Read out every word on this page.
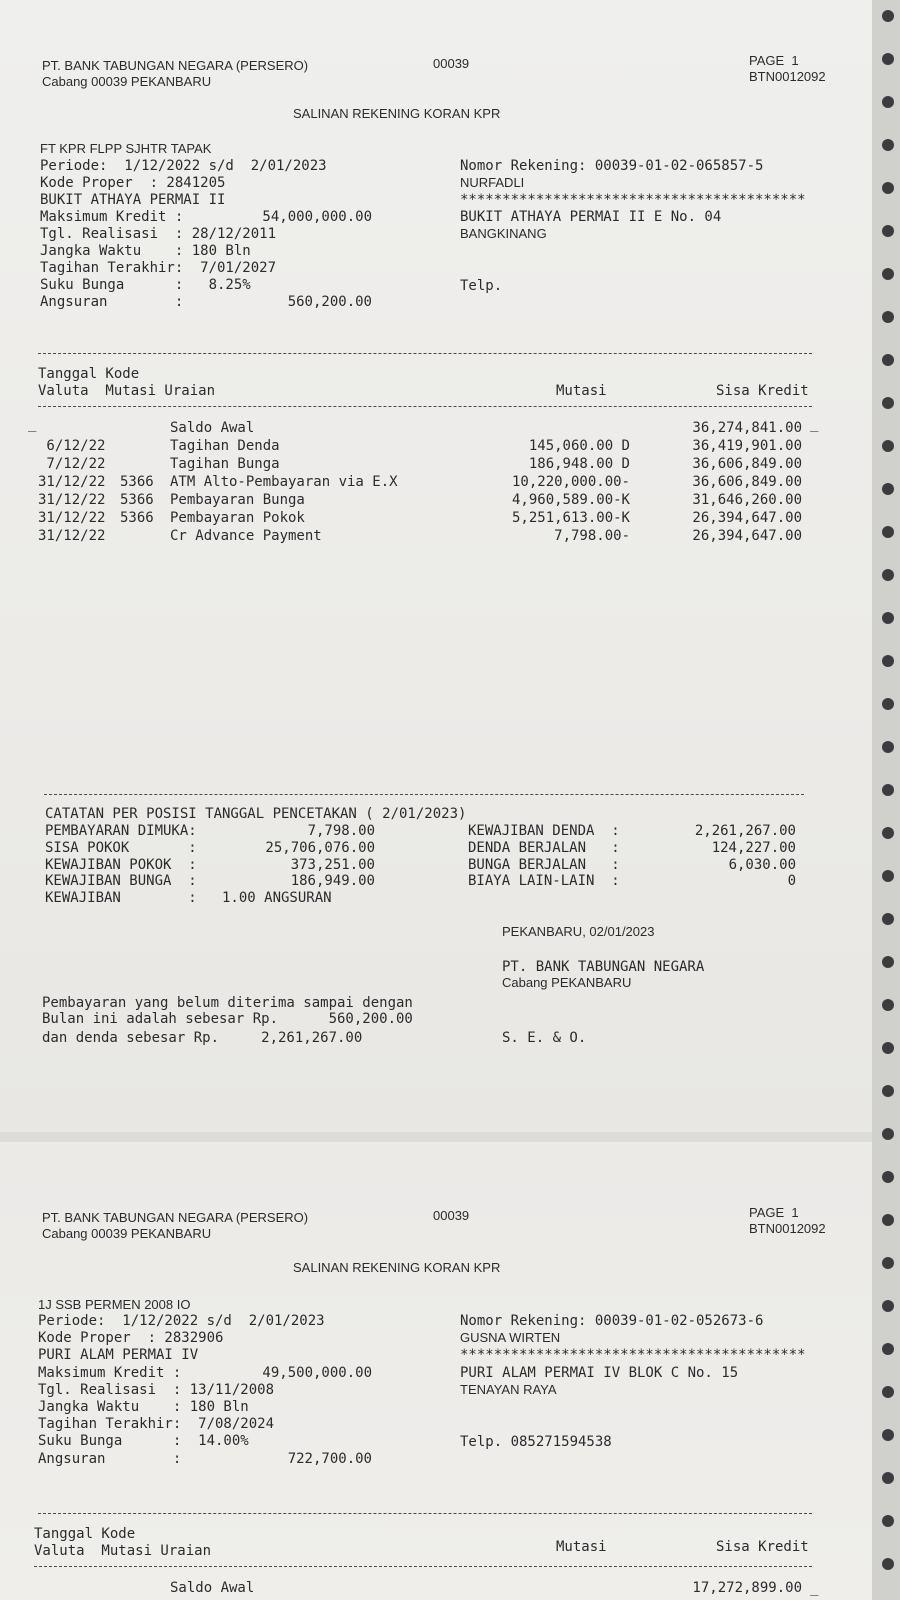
PT. BANK TABUNGAN NEGARA (PERSERO)
Cabang 00039 PEKANBARU
00039	PAGE  1
BTN0012092
SALINAN REKENING KORAN KPR
FT KPR FLPP SJHTR TAPAK
Periode:  1/12/2022 s/d  2/01/2023
Kode Proper  : 2841205
BUKIT ATHAYA PERMAI II
Maksimum Kredit :	54,000,000.00
Tgl. Realisasi  : 28/12/2011
Jangka Waktu    : 180 Bln
Tagihan Terakhir:  7/01/2027
Suku Bunga      :   8.25%
Angsuran        :	560,200.00
Nomor Rekening: 00039-01-02-065857-5
NURFADLI
*****************************************
BUKIT ATHAYA PERMAI II E No. 04
BANGKINANG
Telp.
Tanggal Kode
Valuta  Mutasi Uraian	Mutasi	Sisa Kredit
_	_
Saldo Awal	36,274,841.00
6/12/22	Tagihan Denda	145,060.00 D	36,419,901.00
7/12/22	Tagihan Bunga	186,948.00 D	36,606,849.00
31/12/22 5366 ATM Alto-Pembayaran via E.X	10,220,000.00-	36,606,849.00
31/12/22 5366 Pembayaran Bunga	4,960,589.00-K	31,646,260.00
31/12/22 5366 Pembayaran Pokok	5,251,613.00-K	26,394,647.00
31/12/22	Cr Advance Payment	7,798.00-	26,394,647.00
CATATAN PER POSISI TANGGAL PENCETAKAN ( 2/01/2023)
PEMBAYARAN DIMUKA:	7,798.00
SISA POKOK       :	25,706,076.00
KEWAJIBAN POKOK  :	373,251.00
KEWAJIBAN BUNGA  :	186,949.00
KEWAJIBAN        :   1.00 ANGSURAN
KEWAJIBAN DENDA  :	2,261,267.00
DENDA BERJALAN   :	124,227.00
BUNGA BERJALAN   :	6,030.00
BIAYA LAIN-LAIN  :	0
PEKANBARU, 02/01/2023
PT. BANK TABUNGAN NEGARA
Cabang PEKANBARU
Pembayaran yang belum diterima sampai dengan
Bulan ini adalah sebesar Rp.      560,200.00
dan denda sebesar Rp.     2,261,267.00	S. E. & O.
PT. BANK TABUNGAN NEGARA (PERSERO)
Cabang 00039 PEKANBARU
00039	PAGE  1
BTN0012092
SALINAN REKENING KORAN KPR
1J SSB PERMEN 2008 IO
Periode:  1/12/2022 s/d  2/01/2023
Kode Proper  : 2832906
PURI ALAM PERMAI IV
Maksimum Kredit :	49,500,000.00
Tgl. Realisasi  : 13/11/2008
Jangka Waktu    : 180 Bln
Tagihan Terakhir:  7/08/2024
Suku Bunga      :  14.00%
Angsuran        :	722,700.00
Nomor Rekening: 00039-01-02-052673-6
GUSNA WIRTEN
*****************************************
PURI ALAM PERMAI IV BLOK C No. 15
TENAYAN RAYA
Telp. 085271594538
Tanggal Kode
Valuta  Mutasi Uraian	Mutasi	Sisa Kredit
_
Saldo Awal	17,272,899.00
